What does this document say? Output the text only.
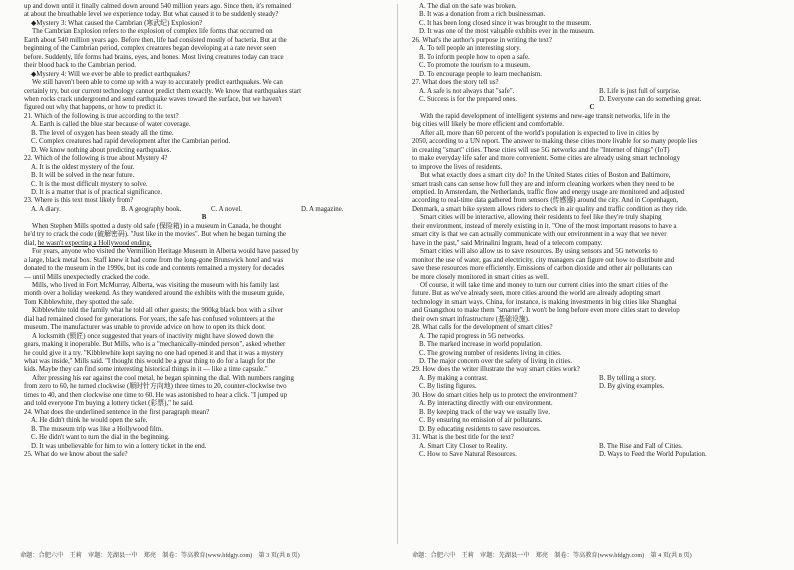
up and down until it finally calmed down around 540 million years ago. Since then, it's remained

at about the breathable level we experience today. But what caused it to be suddenly steady?

◆Mystery 3: What caused the Cambrian (寒武纪) Explosion?

The Cambrian Explosion refers to the explosion of complex life forms that occurred on

Earth about 540 million years ago. Before then, life had consisted mostly of bacteria. But at the

beginning of the Cambrian period, complex creatures began developing at a rate never seen

before. Suddenly, life forms had brains, eyes, and bones. Most living creatures today can trace

their blood back to the Cambrian period.

◆Mystery 4: Will we ever be able to predict earthquakes?

We still haven't been able to come up with a way to accurately predict earthquakes. We can

certainly try, but our current technology cannot predict them exactly. We know that earthquakes start

when rocks crack underground and send earthquake waves toward the surface, but we haven't

figured out why that happens, or how to predict it.

21. Which of the following is true according to the text?

A. Earth is called the blue star because of water coverage.

B. The level of oxygen has been steady all the time.

C. Complex creatures had rapid development after the Cambrian period.

D. We know nothing about predicting earthquakes.

22. Which of the following is true about Mystery 4?

A. It is the oldest mystery of the four.

B. It will be solved in the near future.

C. It is the most difficult mystery to solve.

D. It is a matter that is of practical significance.

23. Where is this text most likely from?

A. A diary.	B. A geography book.	C. A novel.	D. A magazine.

B

When Stephen Mills spotted a dusty old safe (保险箱) in a museum in Canada, he thought

he'd try to crack the code (破解密码). "Just like in the movies". But when he began turning the

dial, he wasn't expecting a Hollywood ending.

For years, anyone who visited the Vermillion Heritage Museum in Alberta would have passed by

a large, black metal box. Staff knew it had come from the long-gone Brunswick hotel and was

donated to the museum in the 1990s, but its code and contents remained a mystery for decades

— until Mills unexpectedly cracked the code.

Mills, who lived in Fort McMurray, Alberta, was visiting the museum with his family last

month over a holiday weekend. As they wandered around the exhibits with the museum guide,

Tom Kibblewhite, they spotted the safe.

Kibblewhite told the family what he told all other guests; the 900kg black box with a silver

dial had remained closed for generations. For years, the safe has confused volunteers at the

museum. The manufacturer was unable to provide advice on how to open its thick door.

A locksmith (锁匠) once suggested that years of inactivity might have slowed down the

gears, making it inoperable. But Mills, who is a "mechanically-minded person", asked whether

he could give it a try. "Kibblewhite kept saying no one had opened it and that it was a mystery

what was inside," Mills said. "I thought this would be a great thing to do for a laugh for the

kids. Maybe they can find some interesting historical things in it — like a time capsule."

After pressing his ear against the cool metal, he began spinning the dial. With numbers ranging

from zero to 60, he turned clockwise (顺时针方向地) three times to 20, counter-clockwise two

times to 40, and then clockwise one time to 60. He was astonished to hear a click. "I jumped up

and told everyone I'm buying a lottery ticket (彩票)," he said.

24. What does the underlined sentence in the first paragraph mean?

A. He didn't think he would open the safe.

B. The museum trip was like a Hollywood film.

C. He didn't want to turn the dial in the beginning.

D. It was unbelievable for him to win a lottery ticket in the end.

25. What do we know about the safe?

A. The dial on the safe was broken.

B. It was a donation from a rich businessman.

C. It has been long closed since it was brought to the museum.

D. It was one of the most valuable exhibits ever in the museum.

26. What's the author's purpose in writing the text?

A. To tell people an interesting story.

B. To inform people how to open a safe.

C. To promote the tourism to a museum.

D. To encourage people to learn mechanism.

27. What does the story tell us?

A. A safe is not always that "safe".	B. Life is just full of surprise.
C. Success is for the prepared ones.	D. Everyone can do something great.

C

With the rapid development of intelligent systems and new-age transit networks, life in the

big cities will likely be more efficient and comfortable.

After all, more than 60 percent of the world's population is expected to live in cities by

2050, according to a UN report. The answer to making these cities more livable for so many people lies

in creating "smart" cities. These cities will use 5G networks and the "Internet of things" (IoT)

to make everyday life safer and more convenient. Some cities are already using smart technology

to improve the lives of residents.

But what exactly does a smart city do? In the United States cities of Boston and Baltimore,

smart trash cans can sense how full they are and inform cleaning workers when they need to be

emptied. In Amsterdam, the Netherlands, traffic flow and energy usage are monitored and adjusted

according to real-time data gathered from sensors (传感器) around the city. And in Copenhagen,

Denmark, a smart bike system allows riders to check in air quality and traffic condition as they ride.

Smart cities will be interactive, allowing their residents to feel like they're truly shaping

their environment, instead of merely existing in it. "One of the most important reasons to have a

smart city is that we can actually communicate with our environment in a way that we never

have in the past," said Mrinalini Ingram, head of a telecom company.

Smart cities will also allow us to save resources. By using sensors and 5G networks to

monitor the use of water, gas and electricity, city managers can figure out how to distribute and

save these resources more efficiently. Emissions of carbon dioxide and other air pollutants can

be more closely monitored in smart cities as well.

Of course, it will take time and money to turn our current cities into the smart cities of the

future. But as we've already seen, more cities around the world are already adopting smart

technology in smart ways. China, for instance, is making investments in big cities like Shanghai

and Guangzhou to make them "smarter". It won't be long before even more cities start to develop

their own smart infrastructure (基础设施).

28. What calls for the development of smart cities?

A. The rapid progress in 5G networks.

B. The marked increase in world population.

C. The growing number of residents living in cities.

D. The major concern over the safety of living in cities.

29. How does the writer illustrate the way smart cities work?

A. By making a contrast.	B. By telling a story.
C. By listing figures.	D. By giving examples.

30. How do smart cities help us to protect the environment?

A. By interacting directly with our environment.

B. By keeping track of the way we usually live.

C. By ensuring no emission of air pollutants.

D. By educating residents to save resources.

31. What is the best title for the text?

A. Smart City Closer to Reality.	B. The Rise and Fall of Cities.
C. How to Save Natural Resources.	D. Ways to Feed the World Population.
命题：合肥六中　王莉　审题：芜湖县一中　郑亮　制卷：等高教育(www.hfdgjy.com)　第 3 页(共 8 页)	命题：合肥六中　王莉　审题：芜湖县一中　郑亮　制卷：等高教育(www.hfdgjy.com)　第 4 页(共 8 页)
